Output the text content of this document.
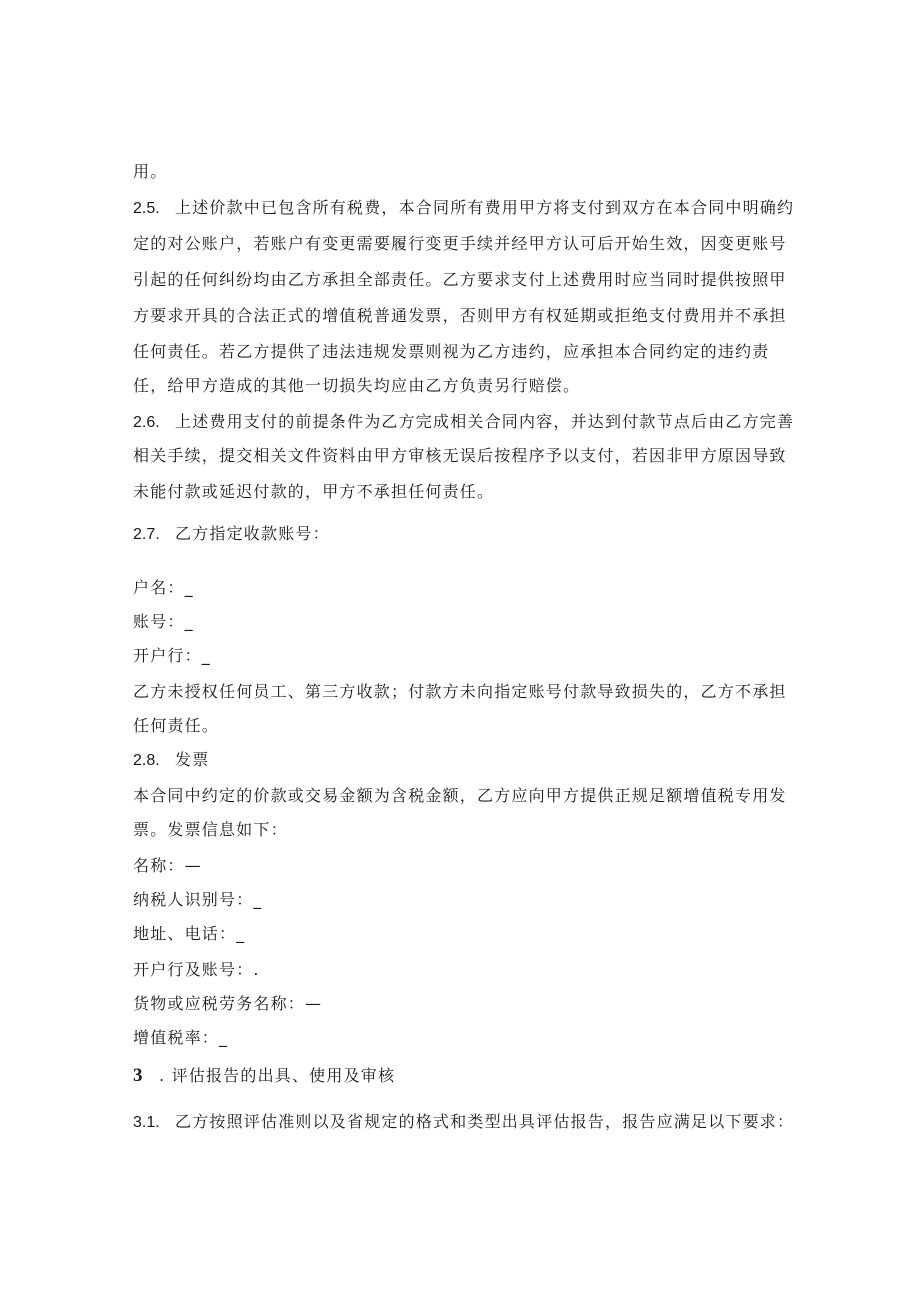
用。
2.5. 上述价款中已包含所有税费，本合同所有费用甲方将支付到双方在本合同中明确约
定的对公账户，若账户有变更需要履行变更手续并经甲方认可后开始生效，因变更账号
引起的任何纠纷均由乙方承担全部责任。乙方要求支付上述费用时应当同时提供按照甲
方要求开具的合法正式的增值税普通发票，否则甲方有权延期或拒绝支付费用并不承担
任何责任。若乙方提供了违法违规发票则视为乙方违约，应承担本合同约定的违约责
任，给甲方造成的其他一切损失均应由乙方负责另行赔偿。
2.6. 上述费用支付的前提条件为乙方完成相关合同内容，并达到付款节点后由乙方完善
相关手续，提交相关文件资料由甲方审核无误后按程序予以支付，若因非甲方原因导致
未能付款或延迟付款的，甲方不承担任何责任。
2.7. 乙方指定收款账号：
户名：_
账号：_
开户行：_
乙方未授权任何员工、第三方收款；付款方未向指定账号付款导致损失的，乙方不承担
任何责任。
2.8. 发票
本合同中约定的价款或交易金额为含税金额，乙方应向甲方提供正规足额增值税专用发
票。发票信息如下：
名称：—
纳税人识别号：_
地址、电话：_
开户行及账号：.
货物或应税劳务名称：—
增值税率：_
3 . 评估报告的出具、使用及审核
3.1. 乙方按照评估准则以及省规定的格式和类型出具评估报告，报告应满足以下要求：
